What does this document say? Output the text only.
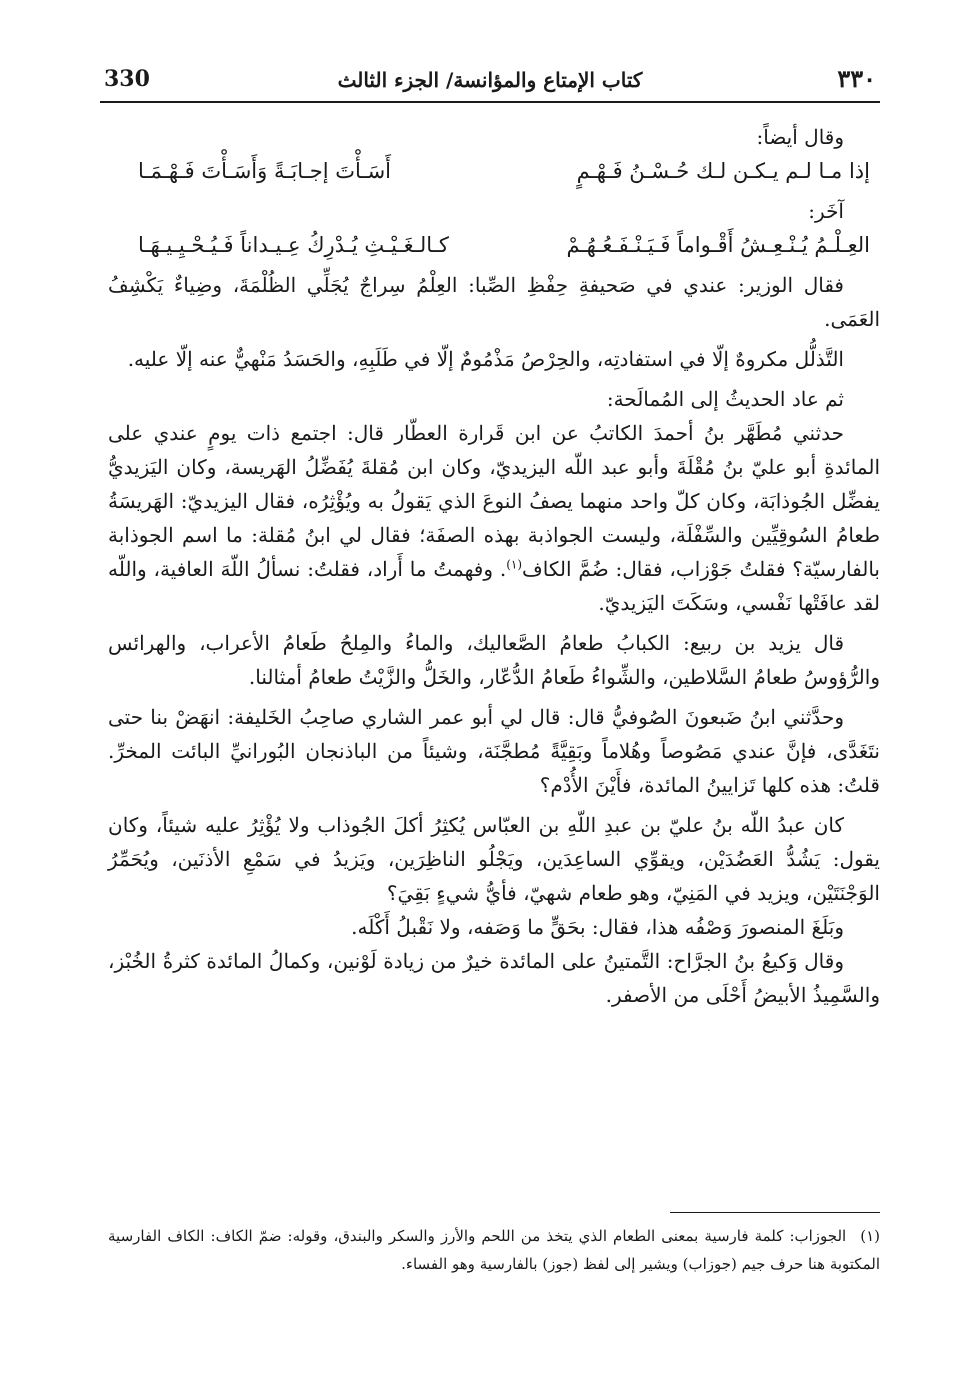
330	كتاب الإمتاع والمؤانسة/ الجزء الثالث	٣٣٠

وقال أيضاً:

إذا مـا لـم يـكـن لـك حُـسْـنُ فَـهْـمٍ
أَسَـأْتَ إجـابَـةً وَأَسَـأْتَ فَـهْـمَـا

آخَر:

العِـلْـمُ يُـنْـعِـشُ أَقْـواماً فَـيَـنْـفَـعُـهُـمْ
كـالـغَـيْـثِ يُـدْرِكُ عِـيـداناً فَـيُـحْـيِـيـهَـا

فقال الوزير: عندي في صَحيفةِ حِفْظِ الصِّبا: العِلْمُ سِراجٌ يُجَلِّي الظُلْمَةَ، وضِياءٌ يَكْشِفُ العَمَى.

التَّذلُّل مكروهٌ إلّا في استفادتِه، والحِرْصُ مَذْمُومٌ إلّا في طَلَبِهِ، والحَسَدُ مَنْهيٌّ عنه إلّا عليه.

ثم عاد الحديثُ إلى المُمالَحة:

حدثني مُطَهَّر بنُ أحمدَ الكاتبُ عن ابن قَرارة العطّار قال: اجتمع ذات يومٍ عندي على المائدةِ أبو عليّ بنُ مُقْلَةَ وأبو عبد اللّه اليزيديّ، وكان ابن مُقلةَ يُفَضِّلُ الهَريسة، وكان اليَزيديُّ يفضِّل الجُوذابَة، وكان كلّ واحد منهما يصفُ النوعَ الذي يَقولُ به ويُؤْثِرُه، فقال اليزيديّ: الهَريسَةُ طعامُ السُوقِيِّين والسِّفْلَة، وليست الجواذبة بهذه الصفَة؛ فقال لي ابنُ مُقلة: ما اسم الجوذابة بالفارسيّة؟ فقلتُ جَوْزاب، فقال: ضُمَّ الكاف$^{(١)}$. وفهمتُ ما أَراد، فقلتُ: نسألُ اللّهَ العافية، واللّه لقد عافَتْها نَفْسي، وسَكَتَ اليَزيديّ.

قال يزيد بن ربيع: الكبابُ طعامُ الصَّعاليك، والماءُ والمِلحُ طَعامُ الأعراب، والهرائس والرُّؤوسُ طعامُ السَّلاطين، والشِّواءُ طَعامُ الدُّعّار، والخَلُّ والزَّيْتُ طعامُ أمثالنا.

وحدَّثني ابنُ ضَبعونَ الصُوفيُّ قال: قال لي أبو عمر الشاري صاحِبُ الخَليفة: انهَضْ بنا حتى نتَغَدَّى، فإنَّ عندي مَصُوصاً وهُلاماً وبَقِيَّةً مُطجَّنَة، وشيئاً من الباذنجان البُورانيِّ البائت المخرِّ. قلتُ: هذه كلها تَزايينُ المائدة، فأَيْنَ الأُدْم؟

كان عبدُ اللّه بنُ عليّ بن عبدِ اللّهِ بن العبّاس يُكثِرُ أكلَ الجُوذاب ولا يُؤْثِرُ عليه شيئاً، وكان يقول: يَشُدُّ العَضُدَيْن، ويقوِّي الساعِدَين، ويَجْلُو الناظِرَين، ويَزيدُ في سَمْعِ الأذنَين، ويُحَمِّرُ الوَجْنَتَيْن، ويزيد في المَنِيّ، وهو طعام شهيّ، فأيُّ شيءٍ بَقِيَ؟

وبَلَغَ المنصورَ وَصْفُه هذا، فقال: بحَقٍّ ما وَصَفه، ولا نَقْبلُ أَكْلَه.

وقال وَكيعُ بنُ الجرَّاح: التَّمتينُ على المائدة خيرٌ من زيادة لَوْنين، وكمالُ المائدة كثرةُ الخُبْز، والسَّمِيذُ الأبيضُ أَحْلَى من الأصفر.

(١)الجوزاب: كلمة فارسية بمعنى الطعام الذي يتخذ من اللحم والأرز والسكر والبندق، وقوله: ضمّ الكاف: الكاف الفارسية المكتوبة هنا حرف جيم (جوزاب) ويشير إلى لفظ (جوز) بالفارسية وهو الفساء.
